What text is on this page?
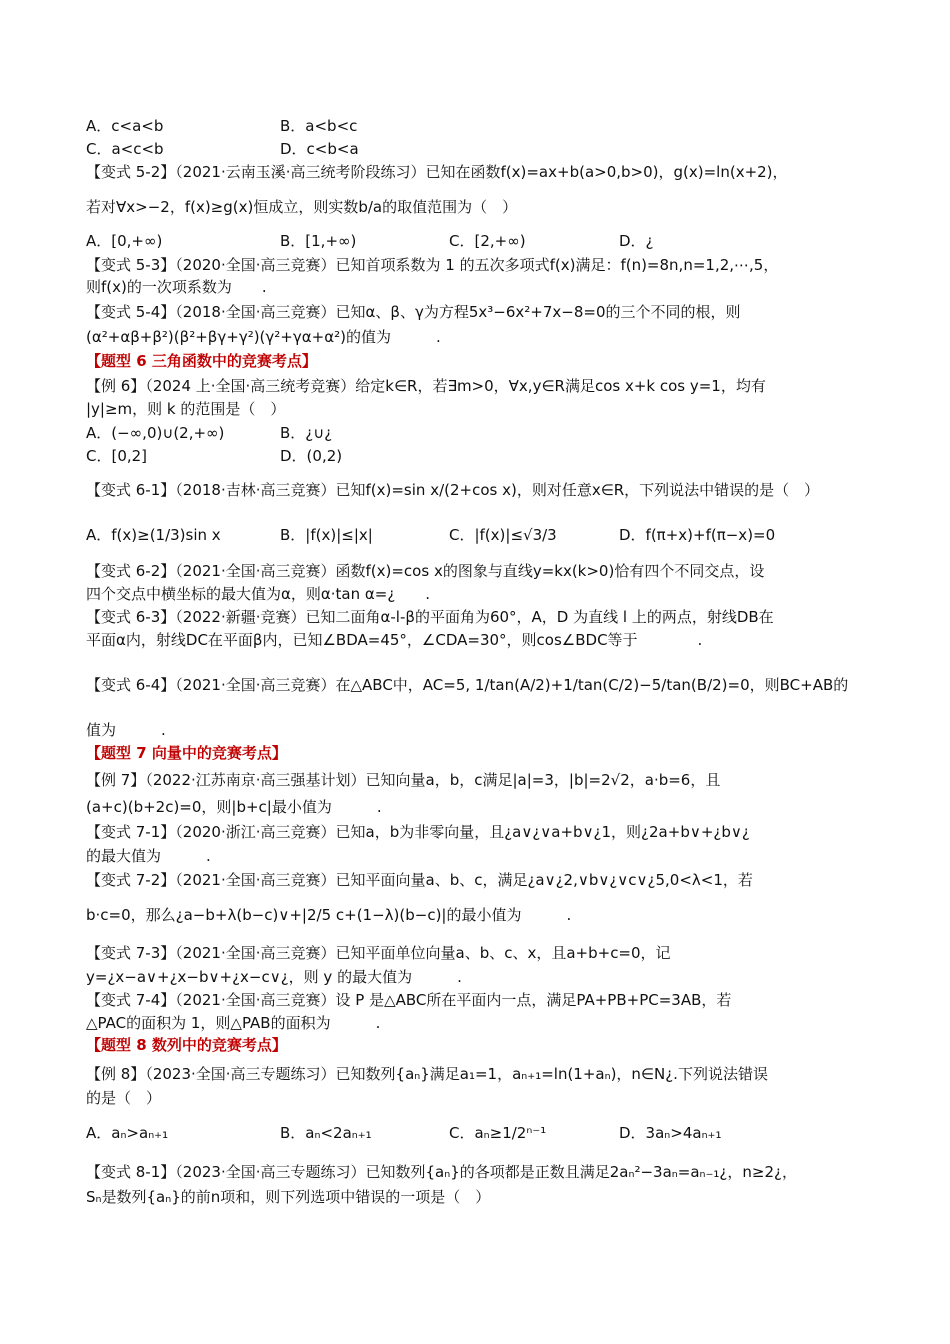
A．c<a<b	B．a<b<c
C．a<c<b	D．c<b<a
【变式 5-2】（2021·云南玉溪·高三统考阶段练习）已知在函数f(x)=ax+b(a>0,b>0)，g(x)=ln(x+2)，
若对∀x>−2，f(x)≥g(x)恒成立，则实数b/a的取值范围为（　）
A．[0,+∞)	B．[1,+∞)	C．[2,+∞)	D．¿
【变式 5-3】（2020·全国·高三竞赛）已知首项系数为 1 的五次多项式f(x)满足：f(n)=8n,n=1,2,⋯,5，
则f(x)的一次项系数为　　.
【变式 5-4】（2018·全国·高三竞赛）已知α、β、γ为方程5x³−6x²+7x−8=0的三个不同的根，则
(α²+αβ+β²)(β²+βγ+γ²)(γ²+γα+α²)的值为　　　.
【题型 6 三角函数中的竞赛考点】
【例 6】（2024 上·全国·高三统考竞赛）给定k∈R，若∃m>0，∀x,y∈R满足cos x+k cos y=1，均有
|y|≥m，则 k 的范围是（　）
A．(−∞,0)∪(2,+∞)	B．¿∪¿
C．[0,2]	D．(0,2)
【变式 6-1】（2018·吉林·高三竞赛）已知f(x)=sin x/(2+cos x)，则对任意x∈R，下列说法中错误的是（　）
A．f(x)≥(1/3)sin x	B．|f(x)|≤|x|	C．|f(x)|≤√3/3	D．f(π+x)+f(π−x)=0
【变式 6-2】（2021·全国·高三竞赛）函数f(x)=cos x的图象与直线y=kx(k>0)恰有四个不同交点，设
四个交点中横坐标的最大值为α，则α·tan α=¿　　.
【变式 6-3】（2022·新疆·竞赛）已知二面角α-l-β的平面角为60°，A，D 为直线 l 上的两点，射线DB在
平面α内，射线DC在平面β内，已知∠BDA=45°，∠CDA=30°，则cos∠BDC等于　　　　.
【变式 6-4】（2021·全国·高三竞赛）在△ABC中，AC=5, 1/tan(A/2)+1/tan(C/2)−5/tan(B/2)=0，则BC+AB的
值为　　　.
【题型 7 向量中的竞赛考点】
【例 7】（2022·江苏南京·高三强基计划）已知向量a，b，c满足|a|=3，|b|=2√2，a·b=6，且
(a+c)(b+2c)=0，则|b+c|最小值为　　　.
【变式 7-1】（2020·浙江·高三竞赛）已知a，b为非零向量，且¿a∨¿∨a+b∨¿1，则¿2a+b∨+¿b∨¿
的最大值为　　　.
【变式 7-2】（2021·全国·高三竞赛）已知平面向量a、b、c，满足¿a∨¿2,∨b∨¿∨c∨¿5,0<λ<1，若
b·c=0，那么¿a−b+λ(b−c)∨+|2/5 c+(1−λ)(b−c)|的最小值为　　　.
【变式 7-3】（2021·全国·高三竞赛）已知平面单位向量a、b、c、x，且a+b+c=0，记
y=¿x−a∨+¿x−b∨+¿x−c∨¿，则 y 的最大值为　　　.
【变式 7-4】（2021·全国·高三竞赛）设 P 是△ABC所在平面内一点，满足PA+PB+PC=3AB，若
△PAC的面积为 1，则△PAB的面积为　　　.
【题型 8 数列中的竞赛考点】
【例 8】（2023·全国·高三专题练习）已知数列{aₙ}满足a₁=1，aₙ₊₁=ln(1+aₙ)，n∈N¿.下列说法错误
的是（　）
A．aₙ>aₙ₊₁	B．aₙ<2aₙ₊₁	C．aₙ≥1/2ⁿ⁻¹	D．3aₙ>4aₙ₊₁
【变式 8-1】（2023·全国·高三专题练习）已知数列{aₙ}的各项都是正数且满足2aₙ²−3aₙ=aₙ₋₁¿，n≥2¿，
Sₙ是数列{aₙ}的前n项和，则下列选项中错误的一项是（　）
